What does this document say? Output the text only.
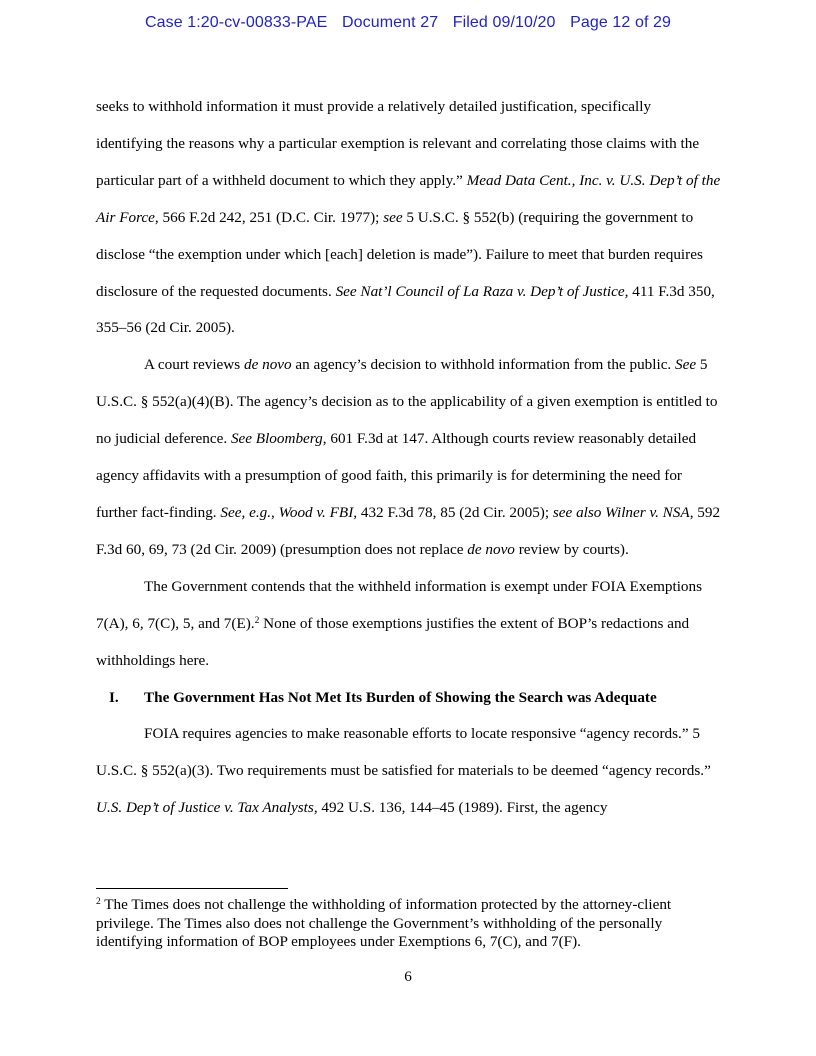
Case 1:20-cv-00833-PAE Document 27 Filed 09/10/20 Page 12 of 29

seeks to withhold information it must provide a relatively detailed justification, specifically identifying the reasons why a particular exemption is relevant and correlating those claims with the particular part of a withheld document to which they apply.” Mead Data Cent., Inc. v. U.S. Dep’t of the Air Force, 566 F.2d 242, 251 (D.C. Cir. 1977); see 5 U.S.C. § 552(b) (requiring the government to disclose “the exemption under which [each] deletion is made”). Failure to meet that burden requires disclosure of the requested documents. See Nat’l Council of La Raza v. Dep’t of Justice, 411 F.3d 350, 355–56 (2d Cir. 2005).

A court reviews de novo an agency’s decision to withhold information from the public. See 5 U.S.C. § 552(a)(4)(B). The agency’s decision as to the applicability of a given exemption is entitled to no judicial deference. See Bloomberg, 601 F.3d at 147. Although courts review reasonably detailed agency affidavits with a presumption of good faith, this primarily is for determining the need for further fact-finding. See, e.g., Wood v. FBI, 432 F.3d 78, 85 (2d Cir. 2005); see also Wilner v. NSA, 592 F.3d 60, 69, 73 (2d Cir. 2009) (presumption does not replace de novo review by courts).

The Government contends that the withheld information is exempt under FOIA Exemptions 7(A), 6, 7(C), 5, and 7(E).$^2$ None of those exemptions justifies the extent of BOP’s redactions and withholdings here.

I. The Government Has Not Met Its Burden of Showing the Search was Adequate

FOIA requires agencies to make reasonable efforts to locate responsive “agency records.” 5 U.S.C. § 552(a)(3). Two requirements must be satisfied for materials to be deemed “agency records.” U.S. Dep’t of Justice v. Tax Analysts, 492 U.S. 136, 144–45 (1989). First, the agency

$^2$ The Times does not challenge the withholding of information protected by the attorney-client privilege. The Times also does not challenge the Government’s withholding of the personally identifying information of BOP employees under Exemptions 6, 7(C), and 7(F).
6
